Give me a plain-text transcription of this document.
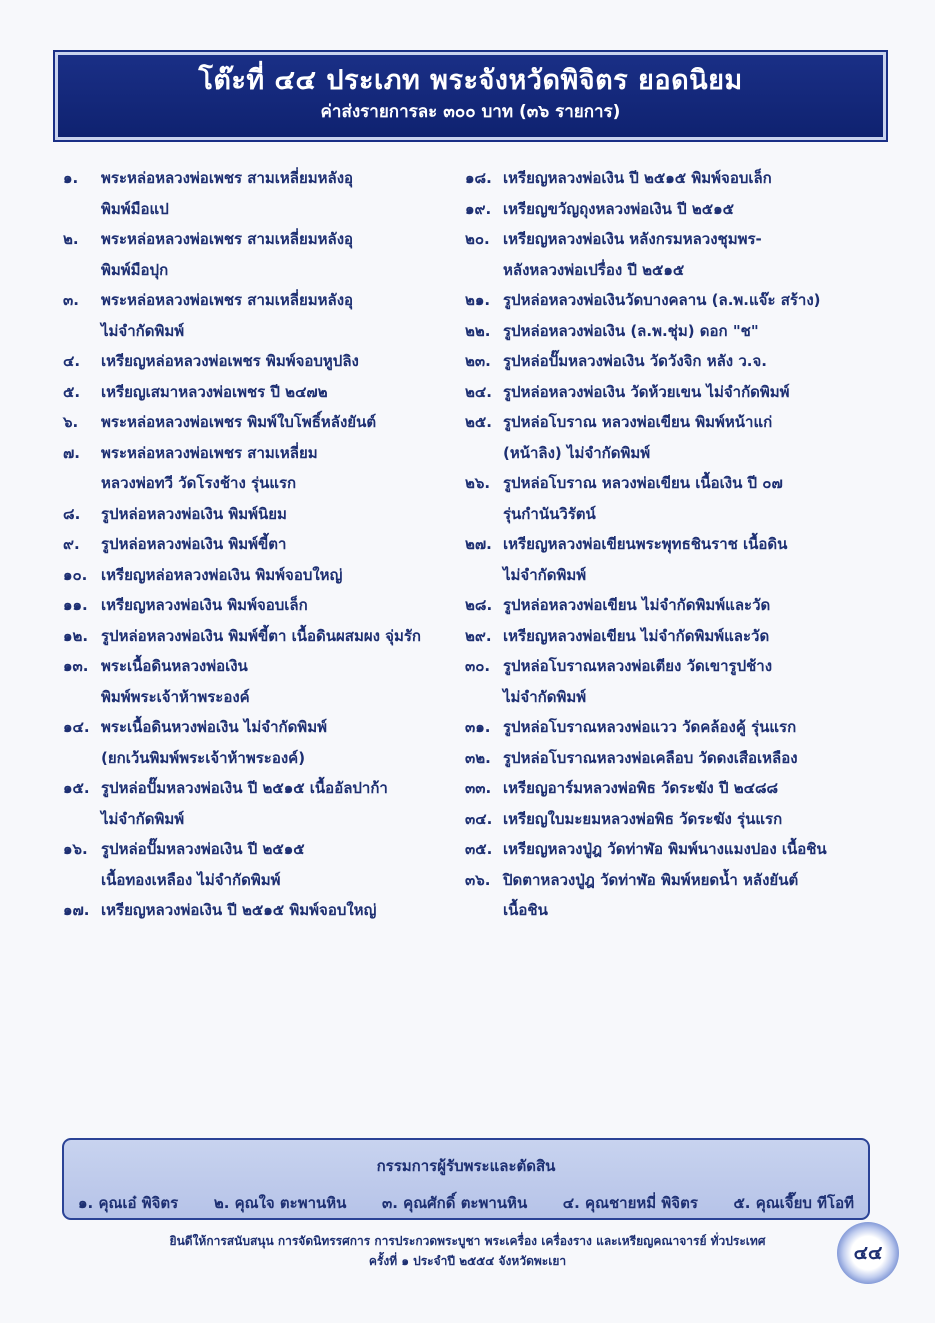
โต๊ะที่ ๔๔ ประเภท พระจังหวัดพิจิตร ยอดนิยม
ค่าส่งรายการละ ๓๐๐ บาท (๓๖ รายการ)
๑.	พระหล่อหลวงพ่อเพชร สามเหลี่ยมหลังอุ
พิมพ์มือแป
๒.	พระหล่อหลวงพ่อเพชร สามเหลี่ยมหลังอุ
พิมพ์มือปุก
๓.	พระหล่อหลวงพ่อเพชร สามเหลี่ยมหลังอุ
ไม่จำกัดพิมพ์
๔.	เหรียญหล่อหลวงพ่อเพชร พิมพ์จอบหูปลิง
๕.	เหรียญเสมาหลวงพ่อเพชร ปี ๒๔๗๒
๖.	พระหล่อหลวงพ่อเพชร พิมพ์ใบโพธิ์หลังยันต์
๗.	พระหล่อหลวงพ่อเพชร สามเหลี่ยม
หลวงพ่อทวี วัดโรงช้าง รุ่นแรก
๘.	รูปหล่อหลวงพ่อเงิน พิมพ์นิยม
๙.	รูปหล่อหลวงพ่อเงิน พิมพ์ขี้ตา
๑๐. เหรียญหล่อหลวงพ่อเงิน พิมพ์จอบใหญ่
๑๑. เหรียญหลวงพ่อเงิน พิมพ์จอบเล็ก
๑๒. รูปหล่อหลวงพ่อเงิน พิมพ์ขี้ตา เนื้อดินผสมผง จุ่มรัก
๑๓. พระเนื้อดินหลวงพ่อเงิน
พิมพ์พระเจ้าห้าพระองค์
๑๔. พระเนื้อดินหวงพ่อเงิน ไม่จำกัดพิมพ์
(ยกเว้นพิมพ์พระเจ้าห้าพระองค์)
๑๕. รูปหล่อปั๊มหลวงพ่อเงิน ปี ๒๕๑๕ เนื้ออัลปาก้า
ไม่จำกัดพิมพ์
๑๖. รูปหล่อปั๊มหลวงพ่อเงิน ปี ๒๕๑๕
เนื้อทองเหลือง ไม่จำกัดพิมพ์
๑๗. เหรียญหลวงพ่อเงิน ปี ๒๕๑๕ พิมพ์จอบใหญ่
๑๘. เหรียญหลวงพ่อเงิน ปี ๒๕๑๕ พิมพ์จอบเล็ก
๑๙. เหรียญขวัญถุงหลวงพ่อเงิน ปี ๒๕๑๕
๒๐. เหรียญหลวงพ่อเงิน หลังกรมหลวงชุมพร-
หลังหลวงพ่อเปรื่อง ปี ๒๕๑๕
๒๑. รูปหล่อหลวงพ่อเงินวัดบางคลาน (ล.พ.แจ๊ะ สร้าง)
๒๒. รูปหล่อหลวงพ่อเงิน (ล.พ.ชุ่ม) ดอก "ช"
๒๓. รูปหล่อปั๊มหลวงพ่อเงิน วัดวังจิก หลัง ว.จ.
๒๔. รูปหล่อหลวงพ่อเงิน วัดห้วยเขน ไม่จำกัดพิมพ์
๒๕. รูปหล่อโบราณ หลวงพ่อเขียน พิมพ์หน้าแก่
(หน้าลิง) ไม่จำกัดพิมพ์
๒๖. รูปหล่อโบราณ หลวงพ่อเขียน เนื้อเงิน ปี ๐๗
รุ่นกำนันวิรัตน์
๒๗. เหรียญหลวงพ่อเขียนพระพุทธชินราช เนื้อดิน
ไม่จำกัดพิมพ์
๒๘. รูปหล่อหลวงพ่อเขียน ไม่จำกัดพิมพ์และวัด
๒๙. เหรียญหลวงพ่อเขียน ไม่จำกัดพิมพ์และวัด
๓๐. รูปหล่อโบราณหลวงพ่อเตียง วัดเขารูปช้าง
ไม่จำกัดพิมพ์
๓๑. รูปหล่อโบราณหลวงพ่อแวว วัดคล้องคู้ รุ่นแรก
๓๒. รูปหล่อโบราณหลวงพ่อเคลือบ วัดดงเสือเหลือง
๓๓. เหรียญอาร์มหลวงพ่อพิธ วัดระฆัง ปี ๒๔๘๘
๓๔. เหรียญใบมะยมหลวงพ่อพิธ วัดระฆัง รุ่นแรก
๓๕. เหรียญหลวงปู่ฎ วัดท่าฬ่อ พิมพ์นางแมงปอง เนื้อชิน
๓๖. ปิดตาหลวงปู่ฎ วัดท่าฬ่อ พิมพ์หยดน้ำ หลังยันต์
เนื้อชิน
กรรมการผู้รับพระและตัดสิน
๑. คุณเอ๋ พิจิตร ๒. คุณใจ ตะพานหิน ๓. คุณศักดิ์ ตะพานหิน ๔. คุณชายหมี่ พิจิตร ๕. คุณเจี๊ยบ ทีโอที
ยินดีให้การสนับสนุน การจัดนิทรรศการ การประกวดพระบูชา พระเครื่อง เครื่องราง และเหรียญคณาจารย์ ทั่วประเทศ
ครั้งที่ ๑ ประจำปี ๒๕๕๔ จังหวัดพะเยา	๔๔
